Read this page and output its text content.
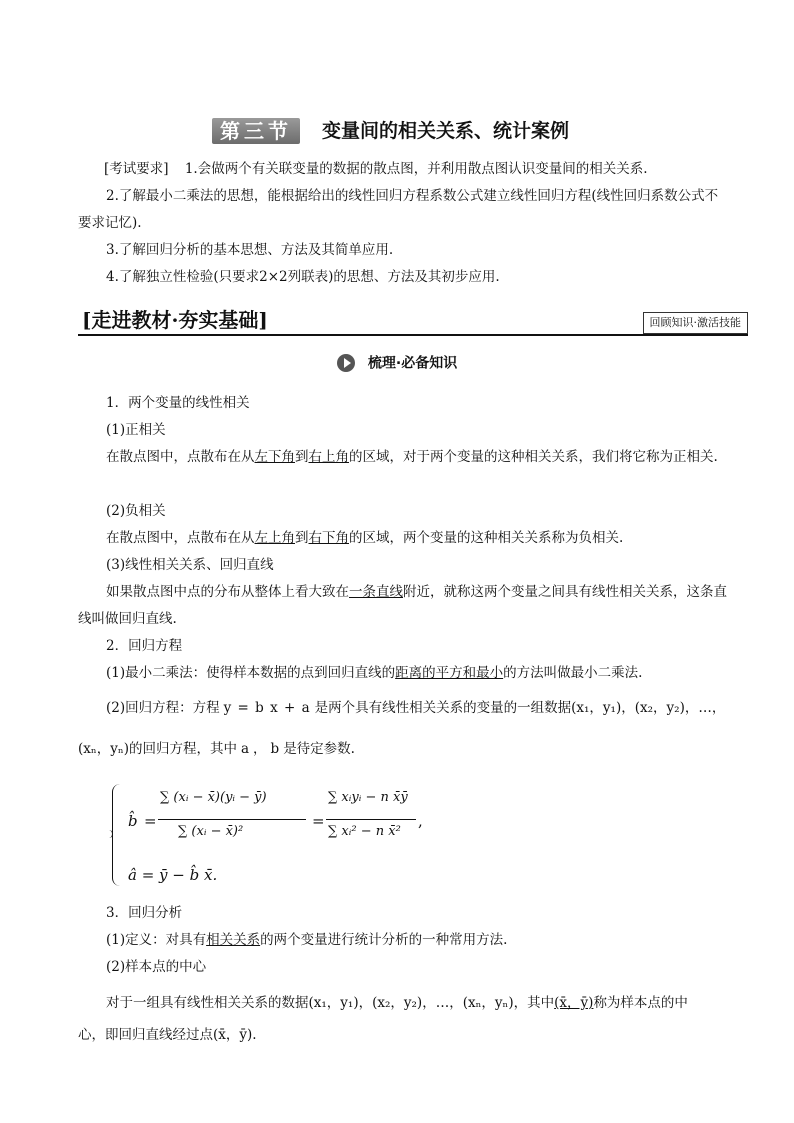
第三节	变量间的相关关系、统计案例
[考试要求] 1.会做两个有关联变量的数据的散点图，并利用散点图认识变量间的相关关系.
2.了解最小二乘法的思想，能根据给出的线性回归方程系数公式建立线性回归方程(线性回归系数公式不要求记忆).
3.了解回归分析的基本思想、方法及其简单应用.
4.了解独立性检验(只要求2×2列联表)的思想、方法及其初步应用.
[走进教材·夯实基础]	回顾知识·激活技能
梳理·必备知识
1．两个变量的线性相关
(1)正相关
在散点图中，点散布在从左下角到右上角的区域，对于两个变量的这种相关关系，我们将它称为正相关.
(2)负相关
在散点图中，点散布在从左上角到右下角的区域，两个变量的这种相关关系称为负相关.
(3)线性相关关系、回归直线
如果散点图中点的分布从整体上看大致在一条直线附近，就称这两个变量之间具有线性相关关系，这条直线叫做回归直线.
2．回归方程
(1)最小二乘法：使得样本数据的点到回归直线的距离的平方和最小的方法叫做最小二乘法.
(2)回归方程：方程 y = b x + a 是两个具有线性相关关系的变量的一组数据(x₁，y₁)，(x₂，y₂)，…，
(xₙ，yₙ)的回归方程，其中 a ， b 是待定参数.
b̂ =
∑ (xᵢ − x̄)(yᵢ − ȳ)
∑ (xᵢ − x̄)²
=
∑ xᵢyᵢ − n x̄ȳ
∑ xᵢ² − n x̄²
,
â = ȳ − b̂ x̄.
3．回归分析
(1)定义：对具有相关关系的两个变量进行统计分析的一种常用方法.
(2)样本点的中心
对于一组具有线性相关关系的数据(x₁，y₁)，(x₂，y₂)，…，(xₙ，yₙ)，其中(x̄，ȳ)称为样本点的中
心，即回归直线经过点(x̄，ȳ).
